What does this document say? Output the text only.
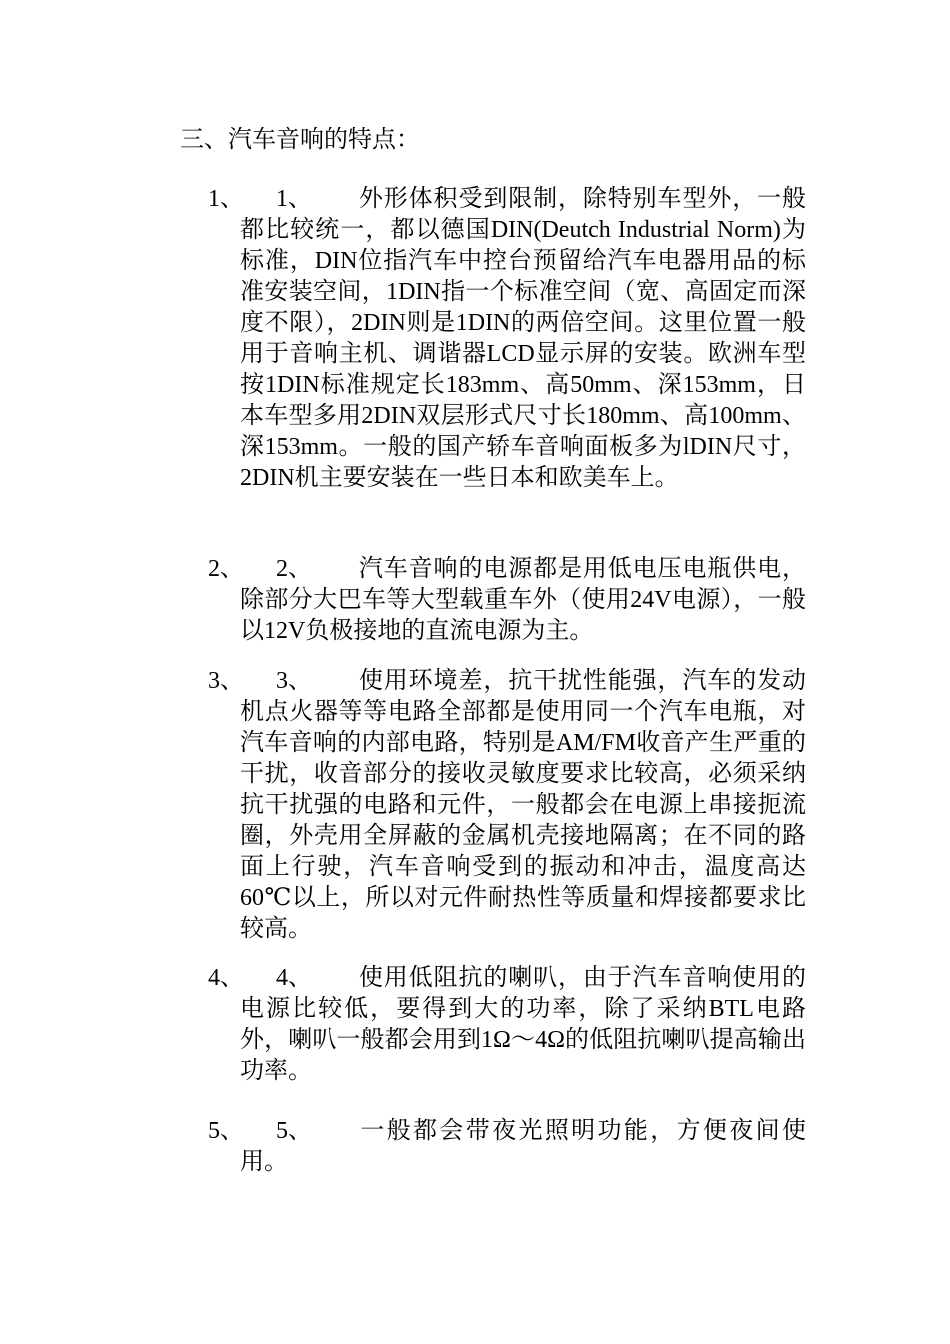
三、汽车音响的特点：
1、	1、 外形体积受到限制，除特别车型外，一般都比较统一，都以德国DIN(Deutch Industrial Norm)为标准，DIN位指汽车中控台预留给汽车电器用品的标准安装空间，1DIN指一个标准空间（宽、高固定而深度不限），2DIN则是1DIN的两倍空间。这里位置一般用于音响主机、调谐器LCD显示屏的安装。欧洲车型按1DIN标准规定长183mm、高50mm、深153mm，日本车型多用2DIN双层形式尺寸长180mm、高100mm、深153mm。一般的国产轿车音响面板多为lDIN尺寸，2DIN机主要安装在一些日本和欧美车上。
2、	2、 汽车音响的电源都是用低电压电瓶供电，除部分大巴车等大型载重车外（使用24V电源），一般以12V负极接地的直流电源为主。
3、	3、 使用环境差，抗干扰性能强，汽车的发动机点火器等等电路全部都是使用同一个汽车电瓶，对汽车音响的内部电路，特别是AM/FM收音产生严重的干扰，收音部分的接收灵敏度要求比较高，必须采纳抗干扰强的电路和元件，一般都会在电源上串接扼流圈，外壳用全屏蔽的金属机壳接地隔离；在不同的路面上行驶，汽车音响受到的振动和冲击，温度高达60℃以上，所以对元件耐热性等质量和焊接都要求比较高。
4、	4、 使用低阻抗的喇叭，由于汽车音响使用的电源比较低，要得到大的功率，除了采纳BTL电路外，喇叭一般都会用到1Ω～4Ω的低阻抗喇叭提高输出功率。
5、	5、 一般都会带夜光照明功能，方便夜间使用。
